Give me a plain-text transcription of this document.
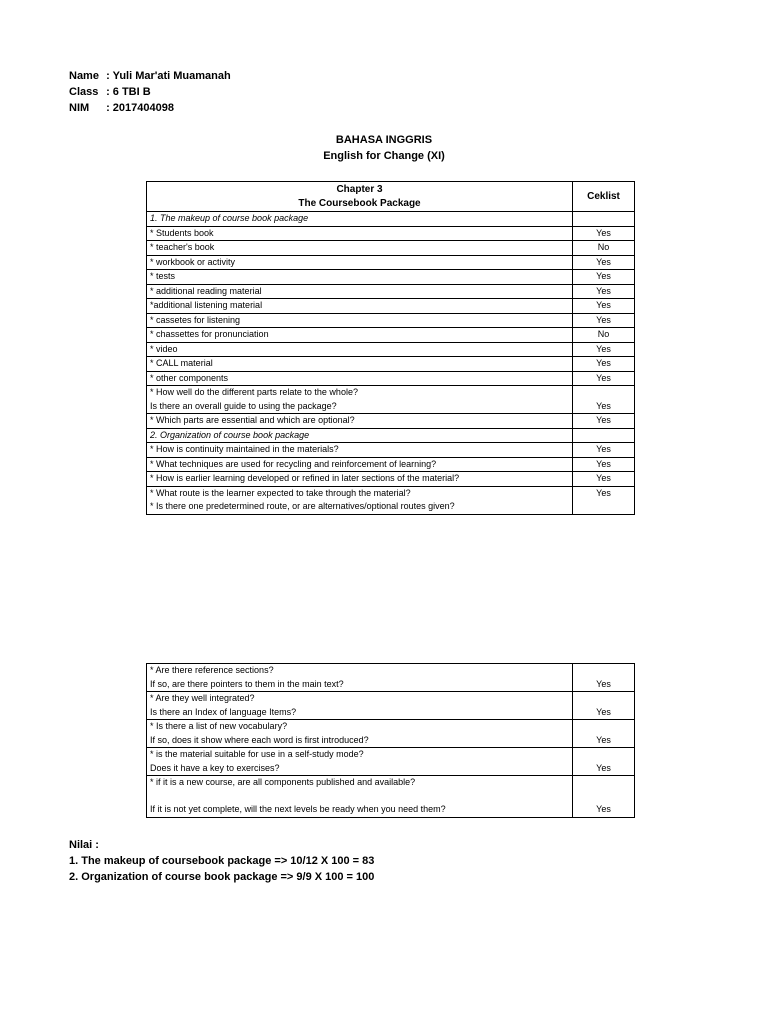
Name : Yuli Mar'ati Muamanah
Class : 6 TBI B
NIM : 2017404098
BAHASA INGGRIS
English for Change (XI)
Chapter 3
The Coursebook Package	Ceklist

1. The makeup of course book package	

* Students book	Yes

* teacher's book	No

* workbook or activity	Yes

* tests	Yes

* additional reading material	Yes

*additional listening material	Yes

* cassetes for listening	Yes

* chassettes for pronunciation	No

* video	Yes

* CALL material	Yes

* other components	Yes

* How well do the different parts relate to the whole?
Is there an overall guide to using the package?	Yes

* Which parts are essential and which are optional?	Yes

2. Organization of course book package	

* How is continuity maintained in the materials?	Yes

* What techniques are used for recycling and reinforcement of learning?	Yes

* How is earlier learning developed or refined in later sections of the material?	Yes

* What route is the learner expected to take through the material?
* Is there one predetermined route, or are alternatives/optional routes given?	Yes
* Are there reference sections?
If so, are there pointers to them in the main text?	Yes

* Are they well integrated?
Is there an Index of language Items?	Yes

* Is there a list of new vocabulary?
If so, does it show where each word is first introduced?	Yes

* is the material suitable for use in a self-study mode?
Does it have a key to exercises?	Yes

* if it is a new course, are all components published and available?

If it is not yet complete, will the next levels be ready when you need them?	Yes
Nilai :
1. The makeup of coursebook package => 10/12 X 100 = 83
2. Organization of course book package => 9/9 X 100 = 100
